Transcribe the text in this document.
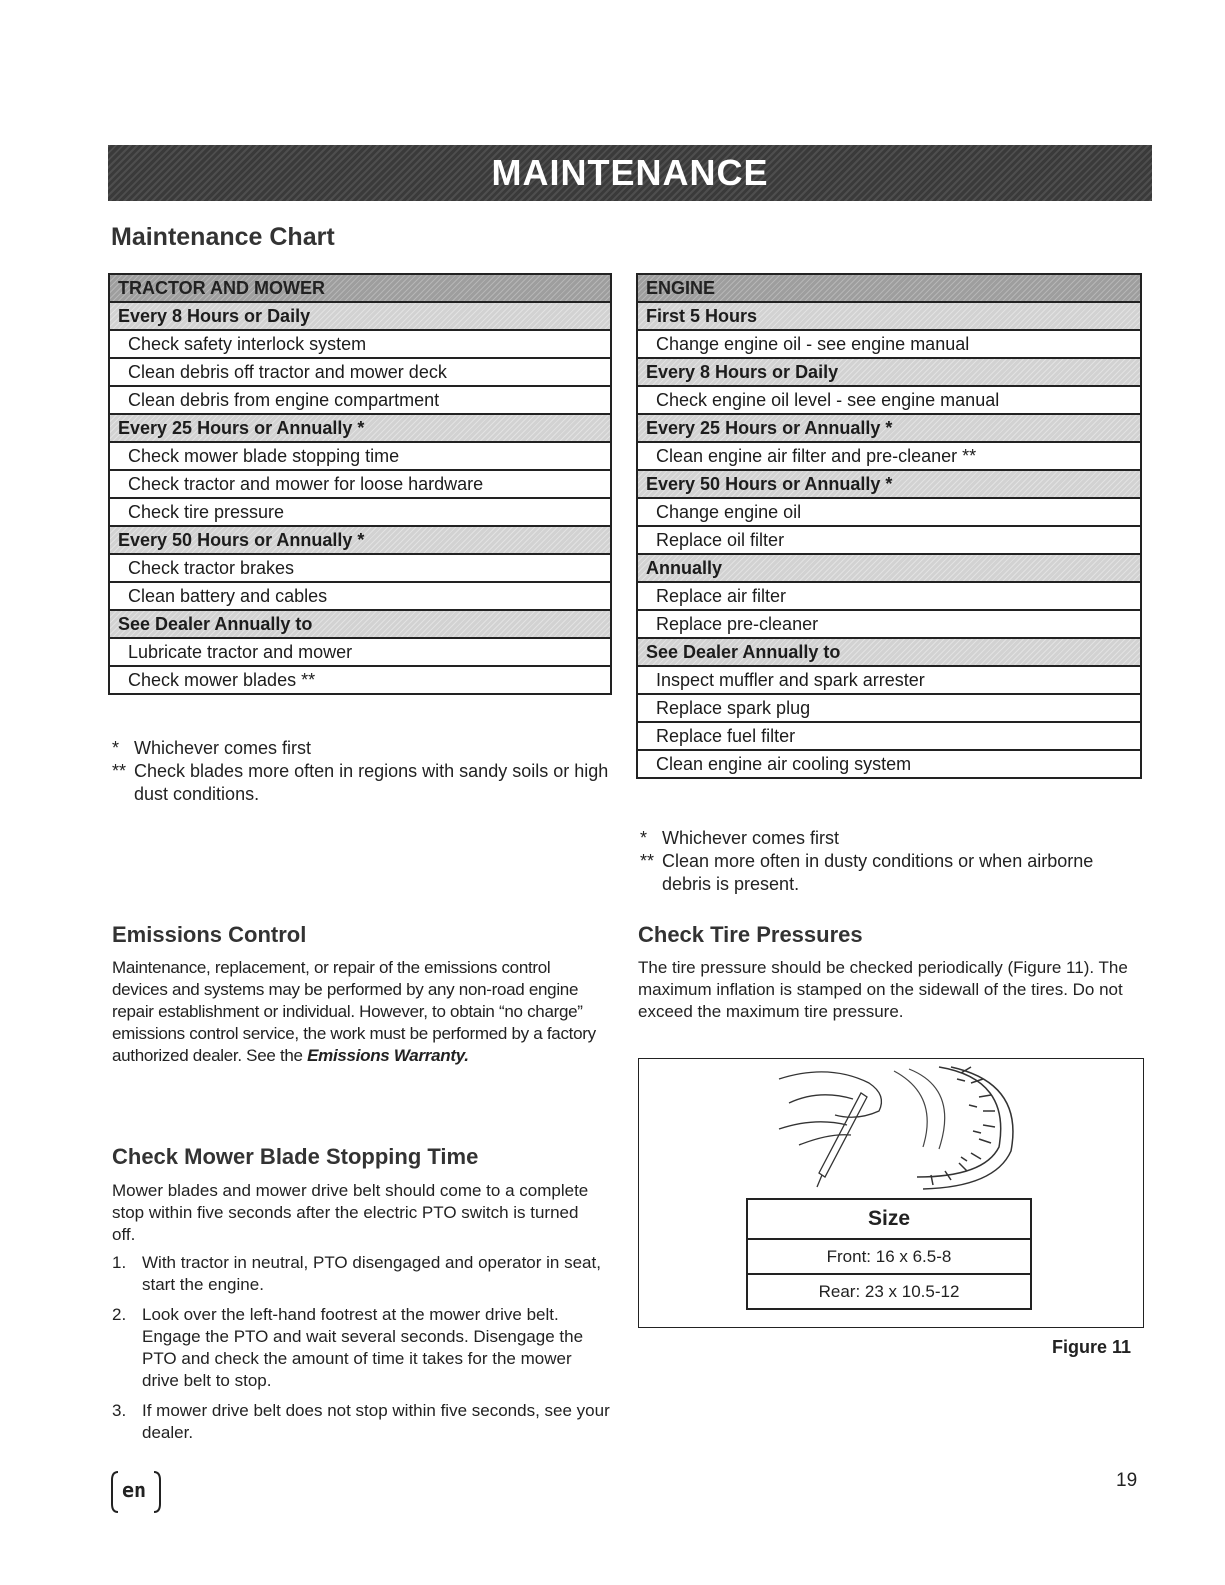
MAINTENANCE
Maintenance Chart
TRACTOR AND MOWER
Every 8 Hours or Daily
Check safety interlock system
Clean debris off tractor and mower deck
Clean debris from engine compartment
Every 25 Hours or Annually *
Check mower blade stopping time
Check tractor and mower for loose hardware
Check tire pressure
Every 50 Hours or Annually *
Check tractor brakes
Clean battery and cables
See Dealer Annually to
Lubricate tractor and mower
Check mower blades **
* Whichever comes first
** Check blades more often in regions with sandy soils or high dust conditions.
ENGINE
First 5 Hours
Change engine oil - see engine manual
Every 8 Hours or Daily
Check engine oil level - see engine manual
Every 25 Hours or Annually *
Clean engine air filter and pre-cleaner **
Every 50 Hours or Annually *
Change engine oil
Replace oil filter
Annually
Replace air filter
Replace pre-cleaner
See Dealer Annually to
Inspect muffler and spark arrester
Replace spark plug
Replace fuel filter
Clean engine air cooling system
* Whichever comes first
** Clean more often in dusty conditions or when airborne debris is present.
Emissions Control

Maintenance, replacement, or repair of the emissions control devices and systems may be performed by any non-road engine repair establishment or individual. However, to obtain “no charge” emissions control service, the work must be performed by a factory authorized dealer. See the Emissions Warranty.

Check Mower Blade Stopping Time

Mower blades and mower drive belt should come to a complete stop within five seconds after the electric PTO switch is turned off.

1. With tractor in neutral, PTO disengaged and operator in seat, start the engine.
2. Look over the left-hand footrest at the mower drive belt. Engage the PTO and wait several seconds. Disengage the PTO and check the amount of time it takes for the mower drive belt to stop.
3. If mower drive belt does not stop within five seconds, see your dealer.
Check Tire Pressures

The tire pressure should be checked periodically (Figure 11). The maximum inflation is stamped on the sidewall of the tires. Do not exceed the maximum tire pressure.

Size
Front: 16 x 6.5-8
Rear: 23 x 10.5-12
Figure 11
en	19
